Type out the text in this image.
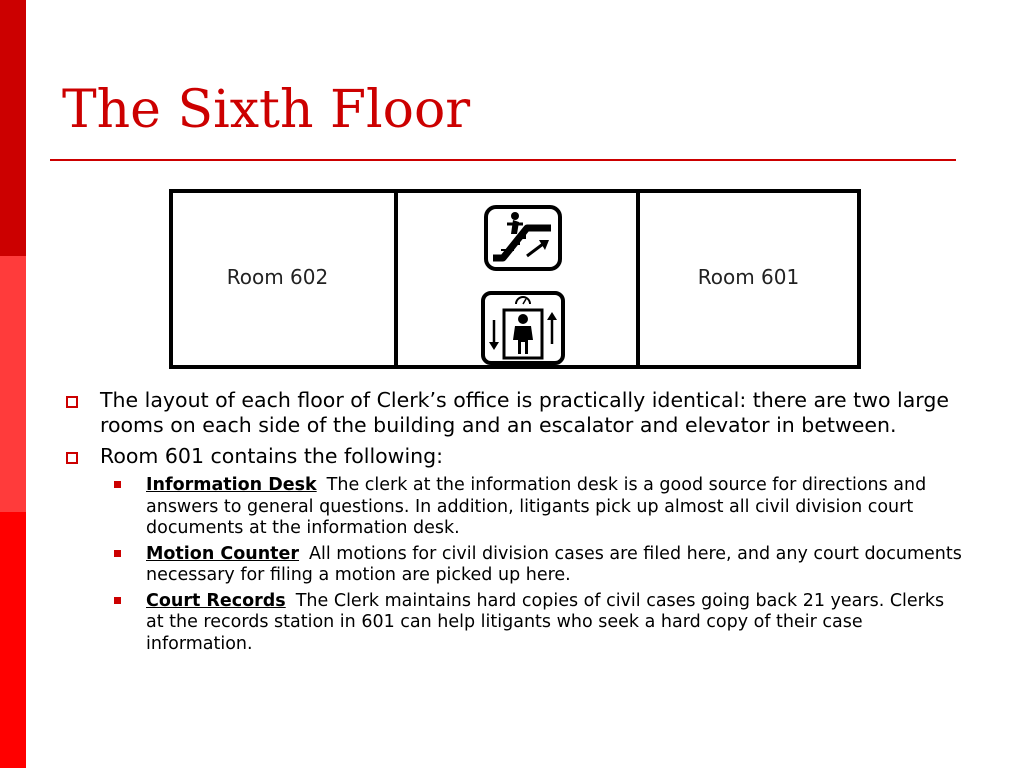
The Sixth Floor
Room 602	Room 601
The layout of each floor of Clerk’s office is practically identical: there are two large rooms on each side of the building and an escalator and elevator in between.
Room 601 contains the following:
Information Desk The clerk at the information desk is a good source for directions and answers to general questions. In addition, litigants pick up almost all civil division court documents at the information desk.
Motion Counter All motions for civil division cases are filed here, and any court documents necessary for filing a motion are picked up here.
Court Records The Clerk maintains hard copies of civil cases going back 21 years. Clerks at the records station in 601 can help litigants who seek a hard copy of their case information.
